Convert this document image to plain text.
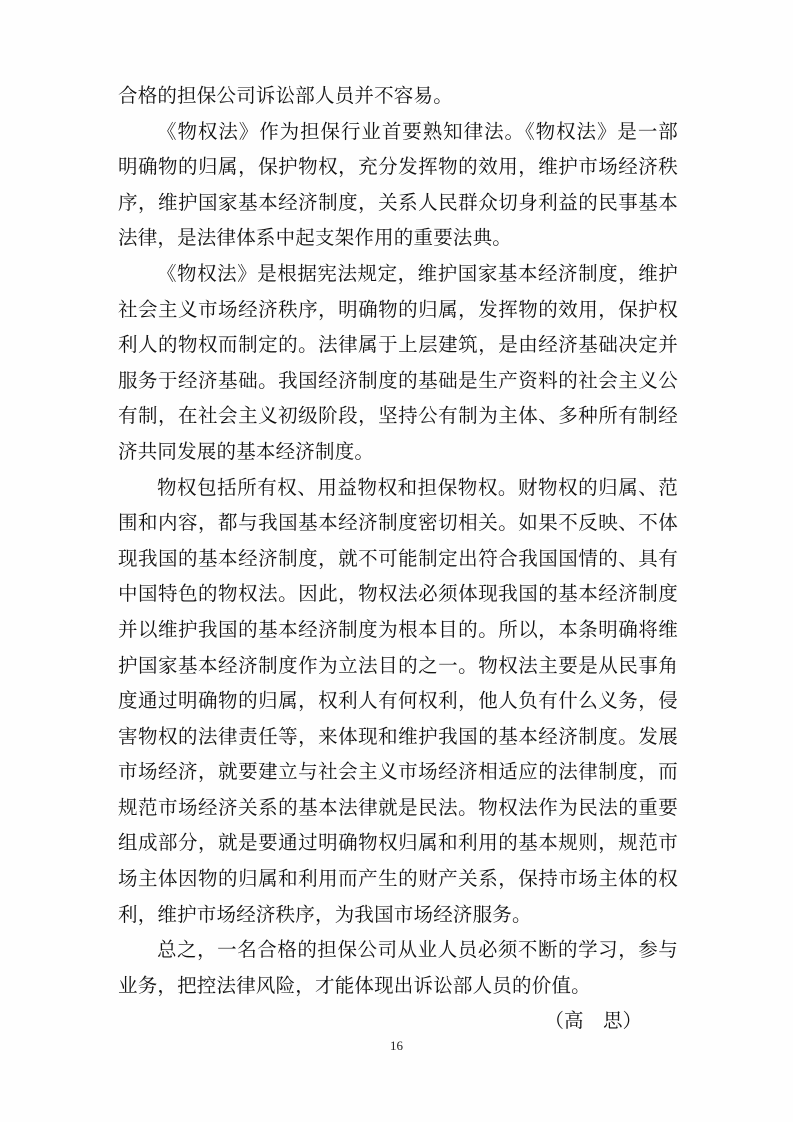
合格的担保公司诉讼部人员并不容易。

《物权法》作为担保行业首要熟知律法。《物权法》是一部明确物的归属，保护物权，充分发挥物的效用，维护市场经济秩序，维护国家基本经济制度，关系人民群众切身利益的民事基本法律，是法律体系中起支架作用的重要法典。

《物权法》是根据宪法规定，维护国家基本经济制度，维护社会主义市场经济秩序，明确物的归属，发挥物的效用，保护权利人的物权而制定的。法律属于上层建筑，是由经济基础决定并服务于经济基础。我国经济制度的基础是生产资料的社会主义公有制，在社会主义初级阶段，坚持公有制为主体、多种所有制经济共同发展的基本经济制度。

物权包括所有权、用益物权和担保物权。财物权的归属、范围和内容，都与我国基本经济制度密切相关。如果不反映、不体现我国的基本经济制度，就不可能制定出符合我国国情的、具有中国特色的物权法。因此，物权法必须体现我国的基本经济制度并以维护我国的基本经济制度为根本目的。所以，本条明确将维护国家基本经济制度作为立法目的之一。物权法主要是从民事角度通过明确物的归属，权利人有何权利，他人负有什么义务，侵害物权的法律责任等，来体现和维护我国的基本经济制度。发展市场经济，就要建立与社会主义市场经济相适应的法律制度，而规范市场经济关系的基本法律就是民法。物权法作为民法的重要组成部分，就是要通过明确物权归属和利用的基本规则，规范市场主体因物的归属和利用而产生的财产关系，保持市场主体的权利，维护市场经济秩序，为我国市场经济服务。

总之，一名合格的担保公司从业人员必须不断的学习，参与业务，把控法律风险，才能体现出诉讼部人员的价值。

（高　思）

16
